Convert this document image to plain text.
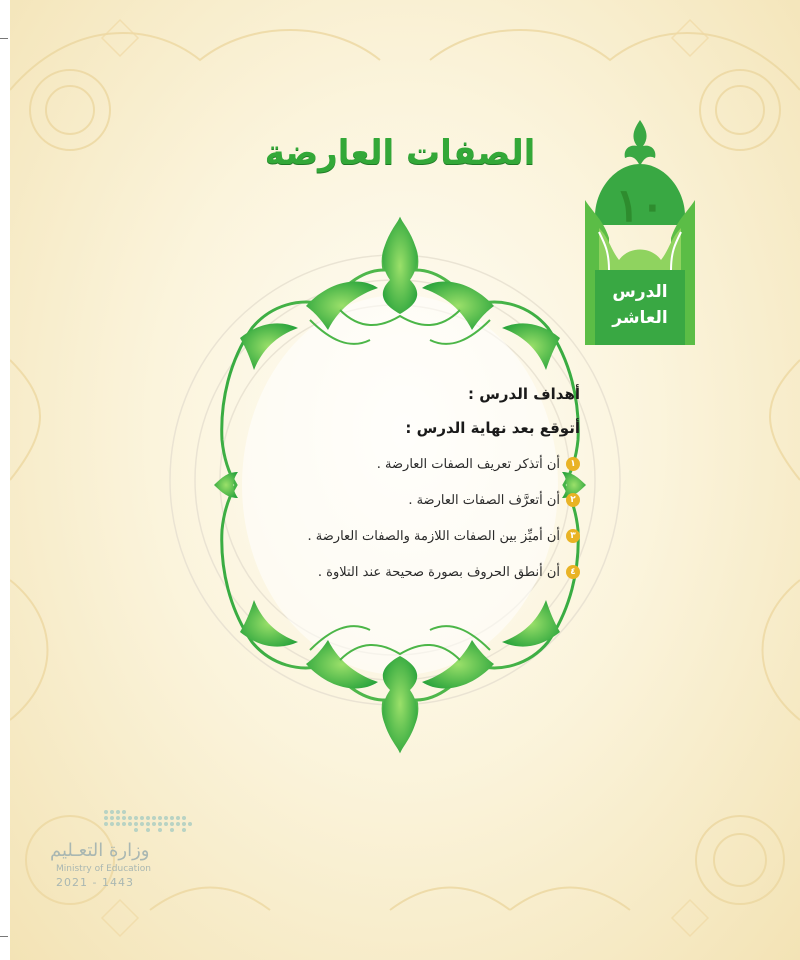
الصفات العارضة
١٠
الدرس
العاشر
أهداف الدرس :
أتوقع بعد نهاية الدرس :
١
أن أتذكر تعريف الصفات العارضة .
٢
أن أتعرَّف الصفات العارضة .
٣
أن أميِّز بين الصفات اللازمة والصفات العارضة .
٤
أن أنطق الحروف بصورة صحيحة عند التلاوة .
وزارة التعـليم
Ministry of Education
2021 - 1443
